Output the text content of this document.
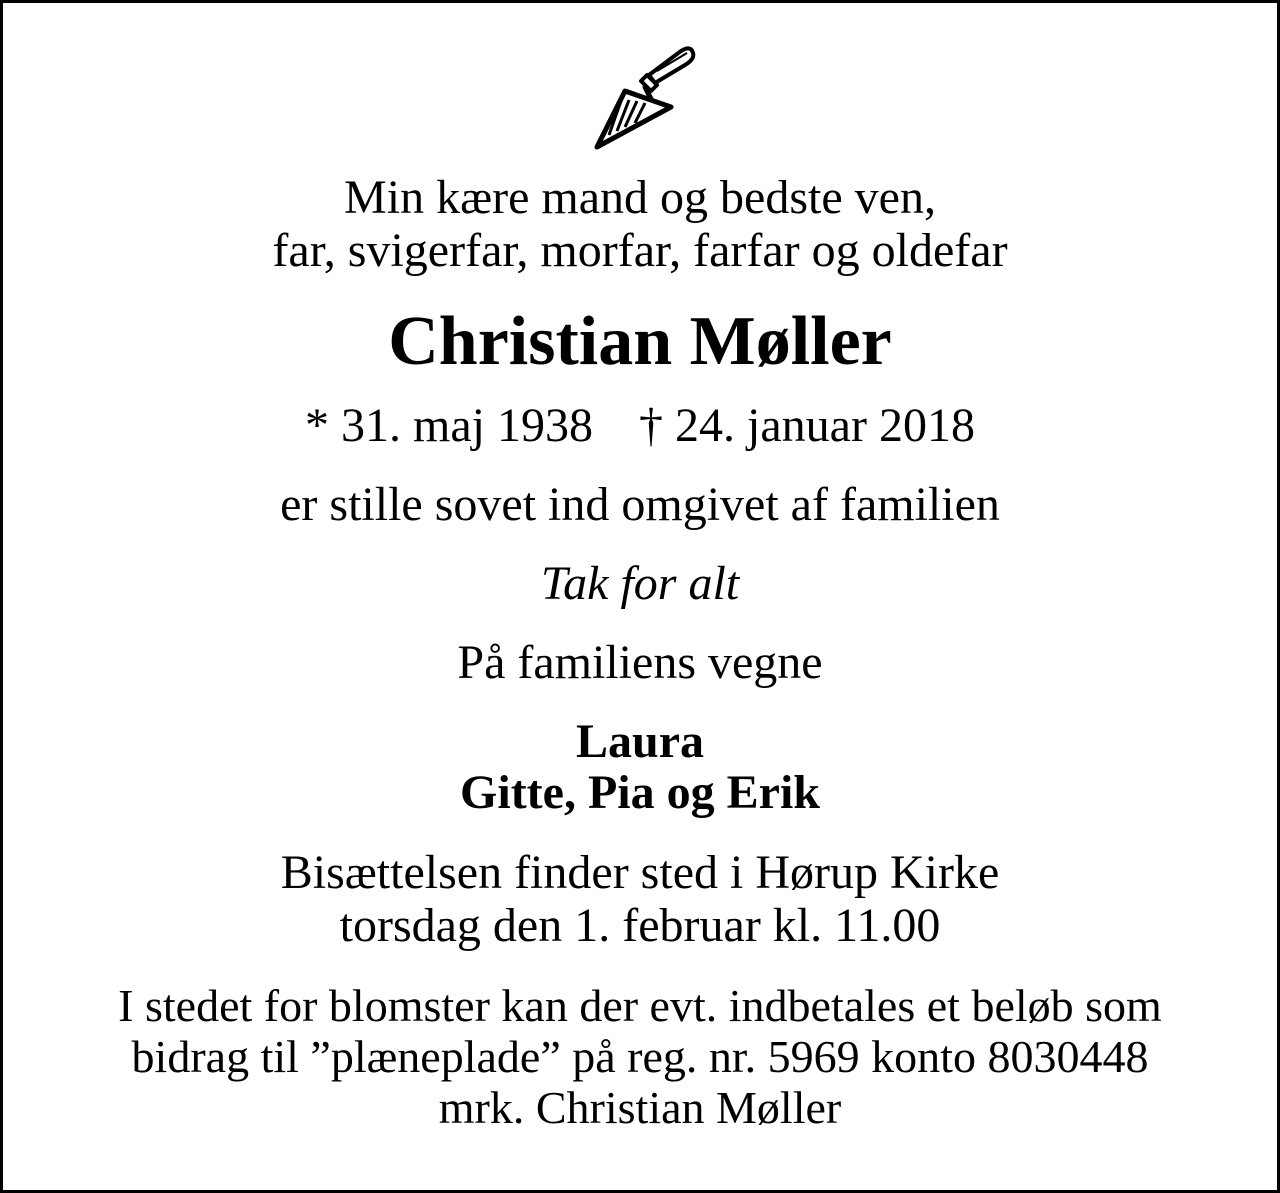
Min kære mand og bedste ven,
far, svigerfar, morfar, farfar og oldefar
Christian Møller
* 31. maj 1938 † 24. januar 2018
er stille sovet ind omgivet af familien
Tak for alt
På familiens vegne
Laura
Gitte, Pia og Erik
Bisættelsen finder sted i Hørup Kirke
torsdag den 1. februar kl. 11.00
I stedet for blomster kan der evt. indbetales et beløb som
bidrag til ”plæneplade” på reg. nr. 5969 konto 8030448
mrk. Christian Møller
